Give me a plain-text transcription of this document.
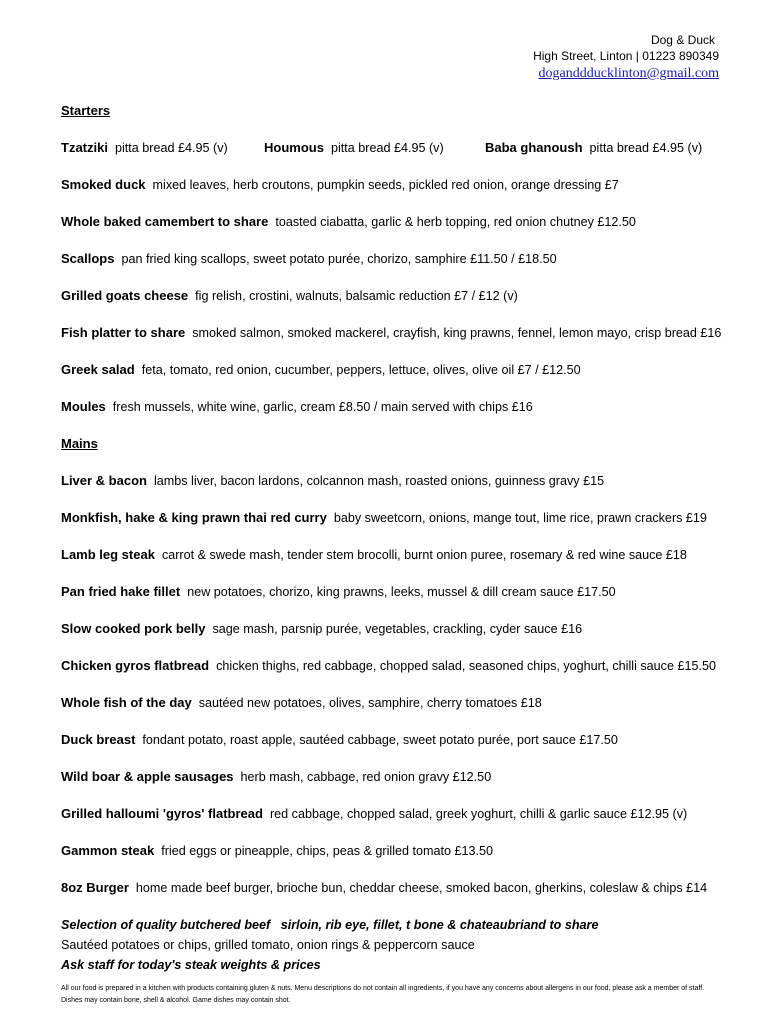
Dog & Duck
High Street, Linton | 01223 890349
doganddducklinton@gmail.com
Starters
Tzatziki pitta bread £4.95 (v)	Houmous pitta bread £4.95 (v)	Baba ghanoush pitta bread £4.95 (v)
Smoked duck mixed leaves, herb croutons, pumpkin seeds, pickled red onion, orange dressing £7
Whole baked camembert to share toasted ciabatta, garlic & herb topping, red onion chutney £12.50
Scallops pan fried king scallops, sweet potato purée, chorizo, samphire £11.50 / £18.50
Grilled goats cheese fig relish, crostini, walnuts, balsamic reduction £7 / £12 (v)
Fish platter to share smoked salmon, smoked mackerel, crayfish, king prawns, fennel, lemon mayo, crisp bread £16
Greek salad feta, tomato, red onion, cucumber, peppers, lettuce, olives, olive oil £7 / £12.50
Moules fresh mussels, white wine, garlic, cream £8.50 / main served with chips £16
Mains
Liver & bacon lambs liver, bacon lardons, colcannon mash, roasted onions, guinness gravy £15
Monkfish, hake & king prawn thai red curry baby sweetcorn, onions, mange tout, lime rice, prawn crackers £19
Lamb leg steak carrot & swede mash, tender stem brocolli, burnt onion puree, rosemary & red wine sauce £18
Pan fried hake fillet new potatoes, chorizo, king prawns, leeks, mussel & dill cream sauce £17.50
Slow cooked pork belly sage mash, parsnip purée, vegetables, crackling, cyder sauce £16
Chicken gyros flatbread chicken thighs, red cabbage, chopped salad, seasoned chips, yoghurt, chilli sauce £15.50
Whole fish of the day sautéed new potatoes, olives, samphire, cherry tomatoes £18
Duck breast fondant potato, roast apple, sautéed cabbage, sweet potato purée, port sauce £17.50
Wild boar & apple sausages herb mash, cabbage, red onion gravy £12.50
Grilled halloumi 'gyros' flatbread red cabbage, chopped salad, greek yoghurt, chilli & garlic sauce £12.95 (v)
Gammon steak fried eggs or pineapple, chips, peas & grilled tomato £13.50
8oz Burger home made beef burger, brioche bun, cheddar cheese, smoked bacon, gherkins, coleslaw & chips £14
Selection of quality butchered beef sirloin, rib eye, fillet, t bone & chateaubriand to share
Sautéed potatoes or chips, grilled tomato, onion rings & peppercorn sauce
Ask staff for today's steak weights & prices
All our food is prepared in a kitchen with products containing gluten & nuts. Menu descriptions do not contain all ingredients, if you have any concerns about allergens in our food, please ask a member of staff.
Dishes may contain bone, shell & alcohol. Game dishes may contain shot.
